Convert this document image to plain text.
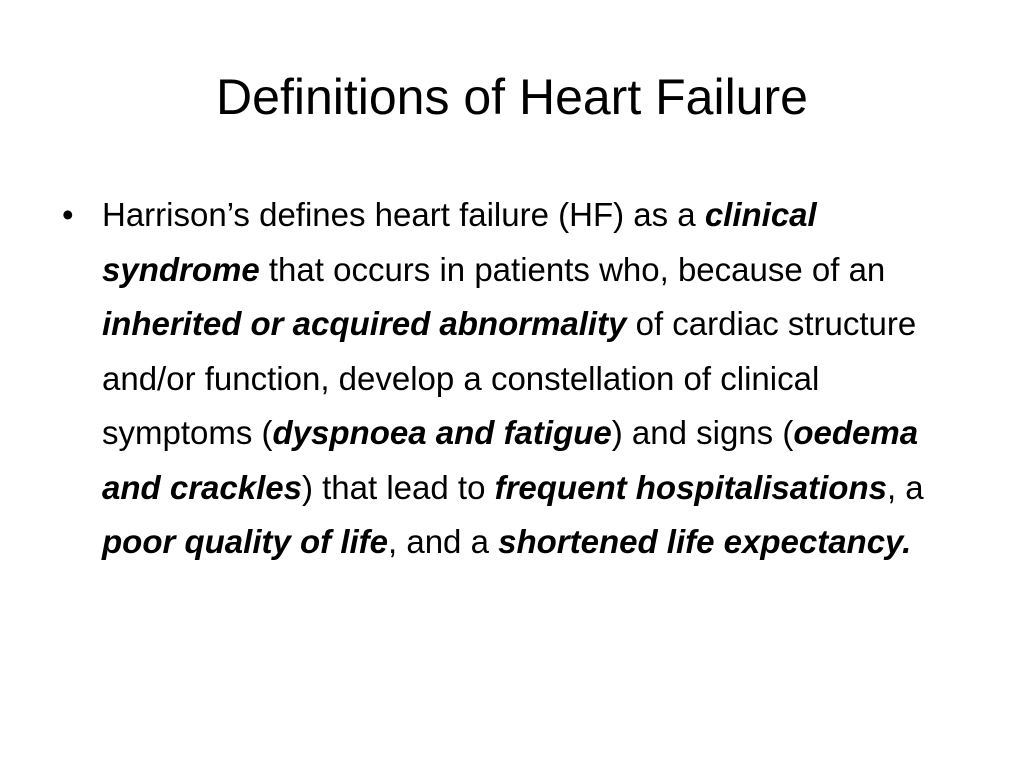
Definitions of Heart Failure
• Harrison’s defines heart failure (HF) as a clinical syndrome that occurs in patients who, because of an inherited or acquired abnormality of cardiac structure and/or function, develop a constellation of clinical symptoms (dyspnoea and fatigue) and signs (oedema and crackles) that lead to frequent hospitalisations, a poor quality of life, and a shortened life expectancy.
